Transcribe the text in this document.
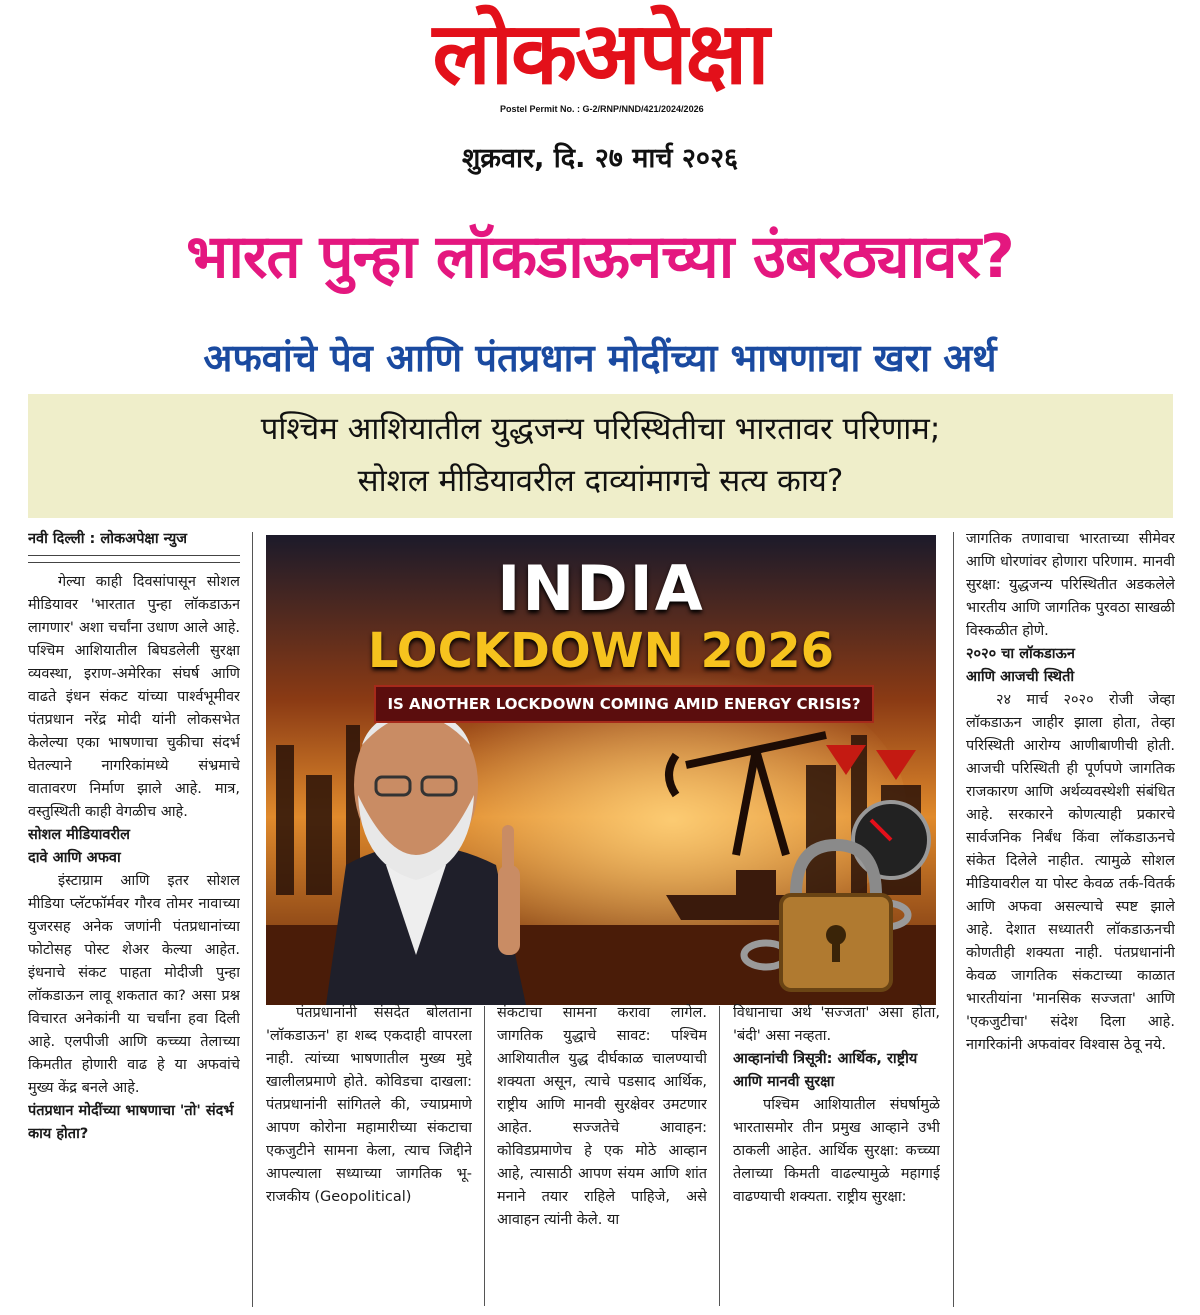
लोकअपेक्षा
Postel Permit No. : G-2/RNP/NND/421/2024/2026
शुक्रवार, दि. २७ मार्च २०२६
भारत पुन्हा लॉकडाऊनच्या उंबरठ्यावर?
अफवांचे पेव आणि पंतप्रधान मोदींच्या भाषणाचा खरा अर्थ
पश्चिम आशियातील युद्धजन्य परिस्थितीचा भारतावर परिणाम;
सोशल मीडियावरील दाव्यांमागचे सत्य काय?
नवी दिल्ली : लोकअपेक्षा न्युज

गेल्या काही दिवसांपासून सोशल मीडियावर 'भारतात पुन्हा लॉकडाऊन लागणार' अशा चर्चांना उधाण आले आहे. पश्चिम आशियातील बिघडलेली सुरक्षा व्यवस्था, इराण-अमेरिका संघर्ष आणि वाढते इंधन संकट यांच्या पार्श्वभूमीवर पंतप्रधान नरेंद्र मोदी यांनी लोकसभेत केलेल्या एका भाषणाचा चुकीचा संदर्भ घेतल्याने नागरिकांमध्ये संभ्रमाचे वातावरण निर्माण झाले आहे. मात्र, वस्तुस्थिती काही वेगळीच आहे.

सोशल मीडियावरील

दावे आणि अफवा

इंस्टाग्राम आणि इतर सोशल मीडिया प्लॅटफॉर्मवर गौरव तोमर नावाच्या युजरसह अनेक जणांनी पंतप्रधानांच्या फोटोसह पोस्ट शेअर केल्या आहेत. इंधनाचे संकट पाहता मोदीजी पुन्हा लॉकडाऊन लावू शकतात का? असा प्रश्न विचारत अनेकांनी या चर्चांना हवा दिली आहे. एलपीजी आणि कच्च्या तेलाच्या किमतीत होणारी वाढ हे या अफवांचे मुख्य केंद्र बनले आहे.

पंतप्रधान मोदींच्या भाषणाचा 'तो' संदर्भ काय होता?

INDIA
LOCKDOWN 2026
IS ANOTHER LOCKDOWN COMING AMID ENERGY CRISIS?

पंतप्रधानांनी संसदेत बोलताना 'लॉकडाऊन' हा शब्द एकदाही वापरला नाही. त्यांच्या भाषणातील मुख्य मुद्दे खालीलप्रमाणे होते. कोविडचा दाखला: पंतप्रधानांनी सांगितले की, ज्याप्रमाणे आपण कोरोना महामारीच्या संकटाचा एकजुटीने सामना केला, त्याच जिद्दीने आपल्याला सध्याच्या जागतिक भू-राजकीय (Geopolitical)

संकटाचा सामना करावा लागेल. जागतिक युद्धाचे सावट: पश्चिम आशियातील युद्ध दीर्घकाळ चालण्याची शक्यता असून, त्याचे पडसाद आर्थिक, राष्ट्रीय आणि मानवी सुरक्षेवर उमटणार आहेत. सज्जतेचे आवाहन: कोविडप्रमाणेच हे एक मोठे आव्हान आहे, त्यासाठी आपण संयम आणि शांत मनाने तयार राहिले पाहिजे, असे आवाहन त्यांनी केले. या

विधानाचा अर्थ 'सज्जता' असा होता, 'बंदी' असा नव्हता.

आव्हानांची त्रिसूत्री: आर्थिक, राष्ट्रीय आणि मानवी सुरक्षा

पश्चिम आशियातील संघर्षामुळे भारतासमोर तीन प्रमुख आव्हाने उभी ठाकली आहेत. आर्थिक सुरक्षा: कच्च्या तेलाच्या किमती वाढल्यामुळे महागाई वाढण्याची शक्यता. राष्ट्रीय सुरक्षा:

जागतिक तणावाचा भारताच्या सीमेवर आणि धोरणांवर होणारा परिणाम. मानवी सुरक्षा: युद्धजन्य परिस्थितीत अडकलेले भारतीय आणि जागतिक पुरवठा साखळी विस्कळीत होणे.

२०२० चा लॉकडाऊन

आणि आजची स्थिती

२४ मार्च २०२० रोजी जेव्हा लॉकडाऊन जाहीर झाला होता, तेव्हा परिस्थिती आरोग्य आणीबाणीची होती. आजची परिस्थिती ही पूर्णपणे जागतिक राजकारण आणि अर्थव्यवस्थेशी संबंधित आहे. सरकारने कोणत्याही प्रकारचे सार्वजनिक निर्बंध किंवा लॉकडाऊनचे संकेत दिलेले नाहीत. त्यामुळे सोशल मीडियावरील या पोस्ट केवळ तर्क-वितर्क आणि अफवा असल्याचे स्पष्ट झाले आहे. देशात सध्यातरी लॉकडाऊनची कोणतीही शक्यता नाही. पंतप्रधानांनी केवळ जागतिक संकटाच्या काळात भारतीयांना 'मानसिक सज्जता' आणि 'एकजुटीचा' संदेश दिला आहे. नागरिकांनी अफवांवर विश्वास ठेवू नये.
